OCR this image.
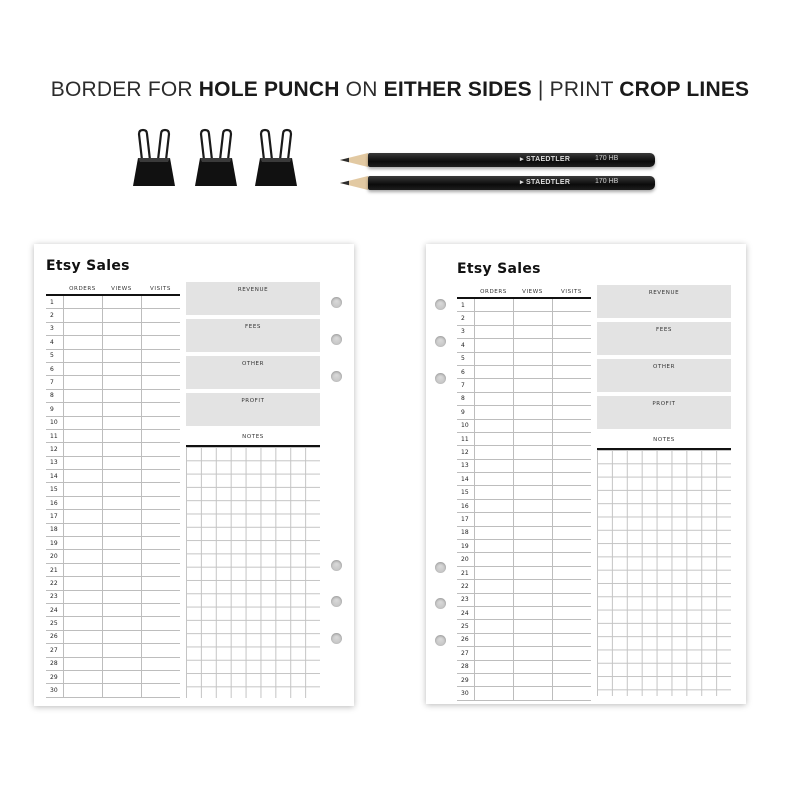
BORDER FOR HOLE PUNCH ON EITHER SIDES | PRINT CROP LINES
▸ STAEDTLER	170 HB
▸ STAEDTLER	170 HB
Etsy Sales
	ORDERS	VIEWS	VISITS
1			
2			
3			
4			
5			
6			
7			
8			
9			
10			
11			
12			
13			
14			
15			
16			
17			
18			
19			
20			
21			
22			
23			
24			
25			
26			
27			
28			
29			
30			
REVENUE
FEES
OTHER
PROFIT
NOTES
Etsy Sales
	ORDERS	VIEWS	VISITS
1			
2			
3			
4			
5			
6			
7			
8			
9			
10			
11			
12			
13			
14			
15			
16			
17			
18			
19			
20			
21			
22			
23			
24			
25			
26			
27			
28			
29			
30			
REVENUE
FEES
OTHER
PROFIT
NOTES
